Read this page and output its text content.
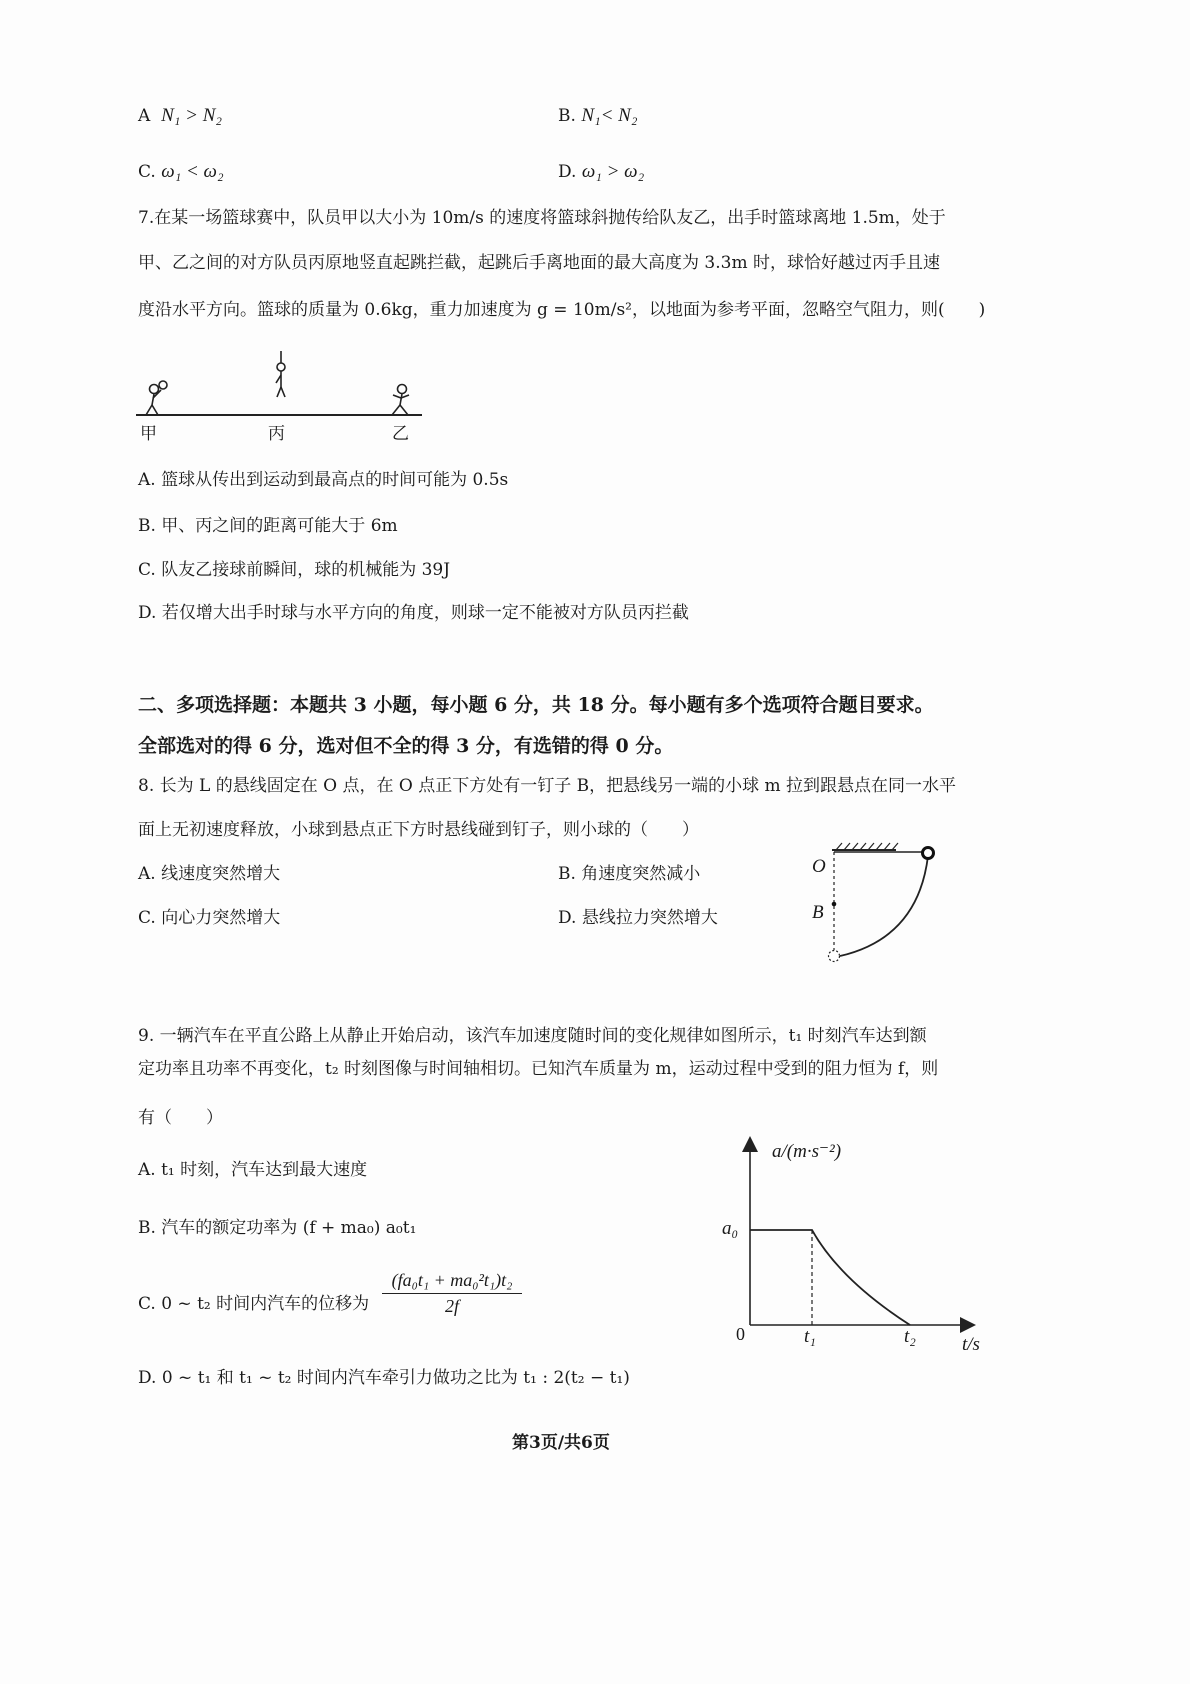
A N₁ > N₂	B. N₁< N₂
C. ω₁ < ω₂	D. ω₁ > ω₂
7.在某一场篮球赛中，队员甲以大小为 10m/s 的速度将篮球斜抛传给队友乙，出手时篮球离地 1.5m，处于
甲、乙之间的对方队员丙原地竖直起跳拦截，起跳后手离地面的最大高度为 3.3m 时，球恰好越过丙手且速
度沿水平方向。篮球的质量为 0.6kg，重力加速度为 g = 10m/s²，以地面为参考平面，忽略空气阻力，则(　　)
甲	丙	乙
A. 篮球从传出到运动到最高点的时间可能为 0.5s
B. 甲、丙之间的距离可能大于 6m
C. 队友乙接球前瞬间，球的机械能为 39J
D. 若仅增大出手时球与水平方向的角度，则球一定不能被对方队员丙拦截
二、多项选择题：本题共 3 小题，每小题 6 分，共 18 分。每小题有多个选项符合题目要求。
全部选对的得 6 分，选对但不全的得 3 分，有选错的得 0 分。
8. 长为 L 的悬线固定在 O 点，在 O 点正下方处有一钉子 B，把悬线另一端的小球 m 拉到跟悬点在同一水平
面上无初速度释放，小球到悬点正下方时悬线碰到钉子，则小球的（　　）
A. 线速度突然增大	B. 角速度突然减小
C. 向心力突然增大	D. 悬线拉力突然增大
O
B
9. 一辆汽车在平直公路上从静止开始启动，该汽车加速度随时间的变化规律如图所示，t₁ 时刻汽车达到额
定功率且功率不再变化，t₂ 时刻图像与时间轴相切。已知汽车质量为 m，运动过程中受到的阻力恒为 f，则
有（　　）
A. t₁ 时刻，汽车达到最大速度
B. 汽车的额定功率为 (f + ma₀) a₀t₁
C. 0 ~ t₂ 时间内汽车的位移为 $\frac{\text{(fa₀t₁ + ma₀²t₁)t₂}}{2f}$
D. 0 ~ t₁ 和 t₁ ~ t₂ 时间内汽车牵引力做功之比为 t₁ : 2(t₂ − t₁)
a/(m·s⁻²)
a₀
0	t₁	t₂ t/s
第3页/共6页
